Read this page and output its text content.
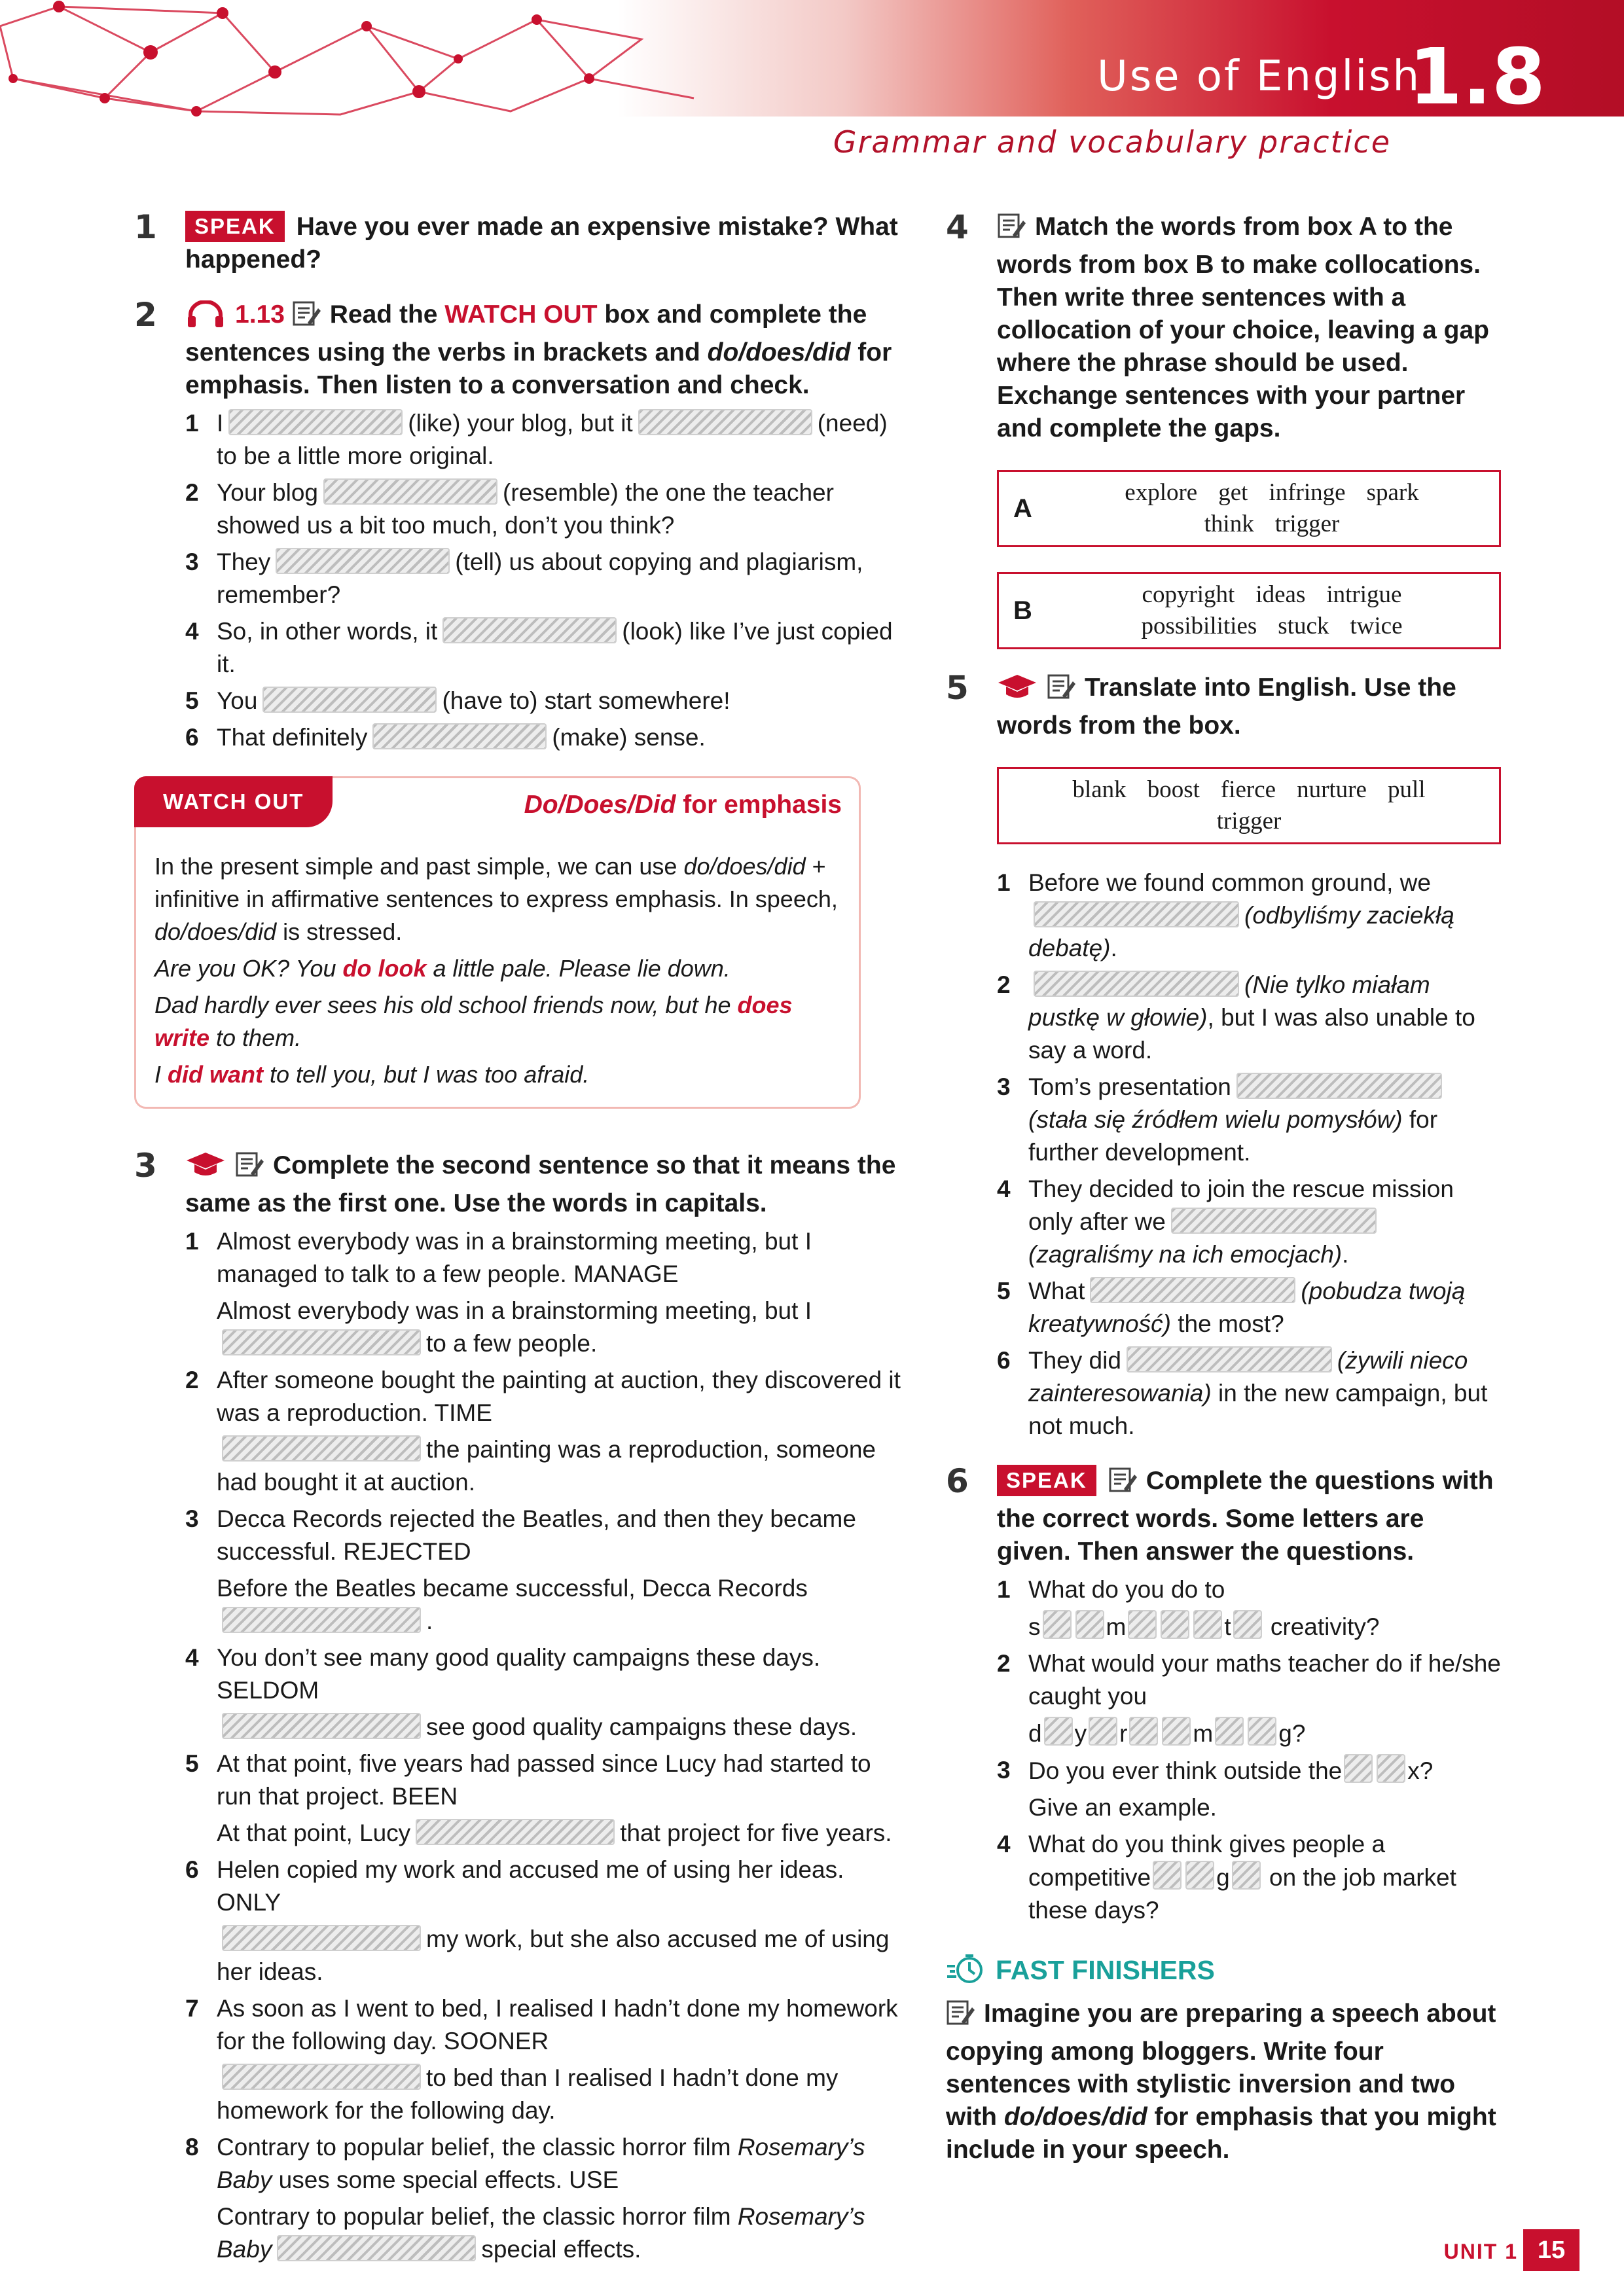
Use of English
1.8
Grammar and vocabulary practice
1	SPEAK Have you ever made an expensive mistake? What happened?
2	1.13 Read the WATCH OUT box and complete the sentences using the verbs in brackets and do/does/did for emphasis. Then listen to a conversation and check.
1 I	(like) your blog, but it	(need) to be a little more original.
2 Your blog	(resemble) the one the teacher showed us a bit too much, don’t you think?
3 They	(tell) us about copying and plagiarism, remember?
4 So, in other words, it	(look) like I’ve just copied it.
5 You	(have to) start somewhere!
6 That definitely	(make) sense.
WATCH OUT	Do/Does/Did for emphasis

In the present simple and past simple, we can use do/does/did + infinitive in affirmative sentences to express emphasis. In speech, do/does/did is stressed.

Are you OK? You do look a little pale. Please lie down.

Dad hardly ever sees his old school friends now, but he does write to them.

I did want to tell you, but I was too afraid.

3	Complete the second sentence so that it means the same as the first one. Use the words in capitals.
1 Almost everybody was in a brainstorming meeting, but I managed to talk to a few people. MANAGE
Almost everybody was in a brainstorming meeting, but Ito a few people.
2 After someone bought the painting at auction, they discovered it was a reproduction. TIME
the painting was a reproduction, someone had bought it at auction.
3 Decca Records rejected the Beatles, and then they became successful. REJECTED
Before the Beatles became successful, Decca Records .
4 You don’t see many good quality campaigns these days. SELDOM
see good quality campaigns these days.
5 At that point, five years had passed since Lucy had started to run that project. BEEN
At that point, Lucy	that project for five years.
6 Helen copied my work and accused me of using her ideas. ONLY
my work, but she also accused me of using her ideas.
7 As soon as I went to bed, I realised I hadn’t done my homework for the following day. SOONER
to bed than I realised I hadn’t done my homework for the following day.
8 Contrary to popular belief, the classic horror film Rosemary’s Baby uses some special effects. USE
Contrary to popular belief, the classic horror film Rosemary’s Baby	special effects.
4	Match the words from box A to the words from box B to make collocations. Then write three sentences with a collocation of your choice, leaving a gap where the phrase should be used. Exchange sentences with your partner and complete the gaps.
A
explore get infringe spark
think trigger
B
copyright ideas intrigue
possibilities stuck twice
5	Translate into English. Use the words from the box.
blank boost fierce nurture pull
trigger
1 Before we found common ground, we(odbyliśmy zaciekłą debatę).
2	(Nie tylko miałam pustkę w głowie), but I was also unable to say a word.
3 Tom’s presentation(stała się źródłem wielu pomysłów) for further development.
4 They decided to join the rescue mission only after we(zagraliśmy na ich emocjach).
5 What	(pobudza twoją kreatywność) the most?
6 They did	(żywili nieco zainteresowania) in the new campaign, but not much.
6	SPEAK Complete the questions with the correct words. Some letters are given. Then answer the questions.
1 What do you do to
s	m	t creativity?
2 What would your maths teacher do if he/she caught you
d y r	m	g?
3 Do you ever think outside the	x?
Give an example.
4 What do you think gives people a competitive	g on the job market these days?
FAST FINISHERS
Imagine you are preparing a speech about copying among bloggers. Write four sentences with stylistic inversion and two with do/does/did for emphasis that you might include in your speech.
UNIT 1 15
